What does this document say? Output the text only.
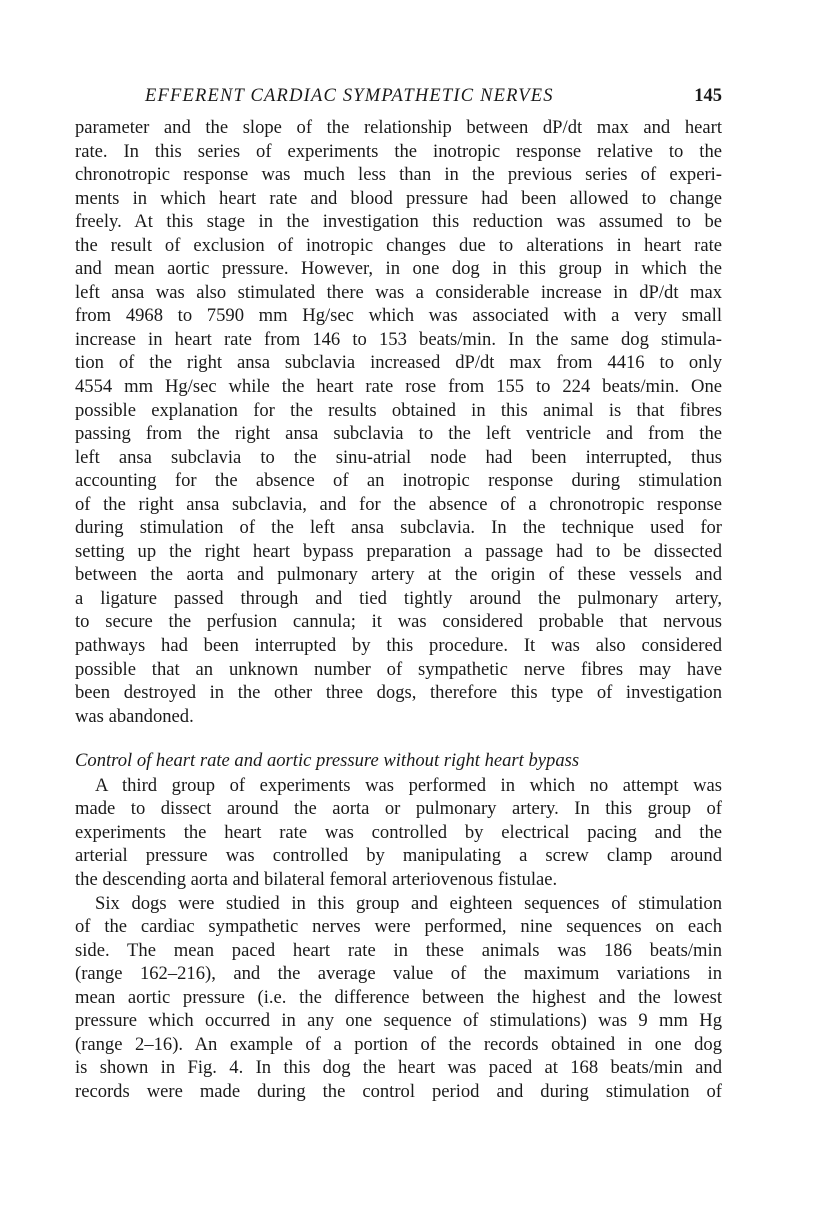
EFFERENT CARDIAC SYMPATHETIC NERVES	145
parameter and the slope of the relationship between dP/dt max and heart
rate. In this series of experiments the inotropic response relative to the
chronotropic response was much less than in the previous series of experi-
ments in which heart rate and blood pressure had been allowed to change
freely. At this stage in the investigation this reduction was assumed to be
the result of exclusion of inotropic changes due to alterations in heart rate
and mean aortic pressure. However, in one dog in this group in which the
left ansa was also stimulated there was a considerable increase in dP/dt max
from 4968 to 7590 mm Hg/sec which was associated with a very small
increase in heart rate from 146 to 153 beats/min. In the same dog stimula-
tion of the right ansa subclavia increased dP/dt max from 4416 to only
4554 mm Hg/sec while the heart rate rose from 155 to 224 beats/min. One
possible explanation for the results obtained in this animal is that fibres
passing from the right ansa subclavia to the left ventricle and from the
left ansa subclavia to the sinu-atrial node had been interrupted, thus
accounting for the absence of an inotropic response during stimulation
of the right ansa subclavia, and for the absence of a chronotropic response
during stimulation of the left ansa subclavia. In the technique used for
setting up the right heart bypass preparation a passage had to be dissected
between the aorta and pulmonary artery at the origin of these vessels and
a ligature passed through and tied tightly around the pulmonary artery,
to secure the perfusion cannula; it was considered probable that nervous
pathways had been interrupted by this procedure. It was also considered
possible that an unknown number of sympathetic nerve fibres may have
been destroyed in the other three dogs, therefore this type of investigation
was abandoned.
Control of heart rate and aortic pressure without right heart bypass
A third group of experiments was performed in which no attempt was
made to dissect around the aorta or pulmonary artery. In this group of
experiments the heart rate was controlled by electrical pacing and the
arterial pressure was controlled by manipulating a screw clamp around
the descending aorta and bilateral femoral arteriovenous fistulae.
Six dogs were studied in this group and eighteen sequences of stimulation
of the cardiac sympathetic nerves were performed, nine sequences on each
side. The mean paced heart rate in these animals was 186 beats/min
(range 162–216), and the average value of the maximum variations in
mean aortic pressure (i.e. the difference between the highest and the lowest
pressure which occurred in any one sequence of stimulations) was 9 mm Hg
(range 2–16). An example of a portion of the records obtained in one dog
is shown in Fig. 4. In this dog the heart was paced at 168 beats/min and
records were made during the control period and during stimulation of
